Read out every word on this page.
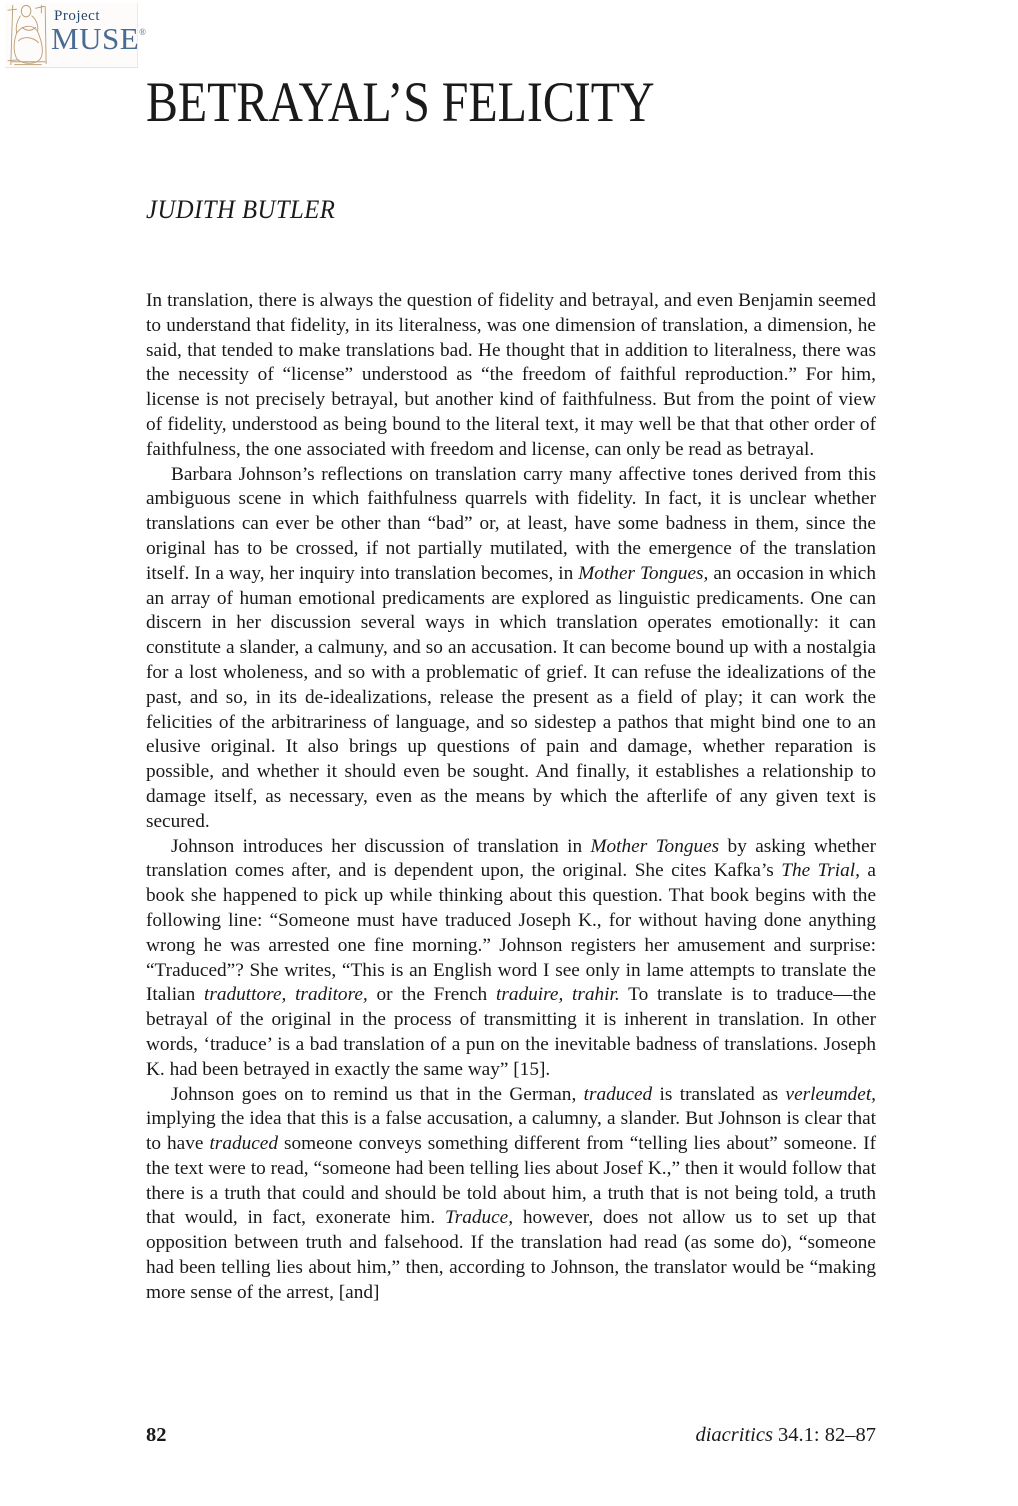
Project
MUSE®
BETRAYAL’S FELICITY
JUDITH BUTLER

In translation, there is always the question of fidelity and betrayal, and even Benjamin seemed to understand that fidelity, in its literalness, was one dimension of translation, a dimension, he said, that tended to make translations bad. He thought that in addition to literalness, there was the necessity of “license” understood as “the freedom of faithful reproduction.” For him, license is not precisely betrayal, but another kind of faithfulness. But from the point of view of fidelity, understood as being bound to the literal text, it may well be that that other order of faithfulness, the one associated with freedom and license, can only be read as betrayal.

Barbara Johnson’s reflections on translation carry many affective tones derived from this ambiguous scene in which faithfulness quarrels with fidelity. In fact, it is unclear whether translations can ever be other than “bad” or, at least, have some badness in them, since the original has to be crossed, if not partially mutilated, with the emergence of the translation itself. In a way, her inquiry into translation becomes, in Mother Tongues, an occasion in which an array of human emotional predicaments are explored as linguistic predicaments. One can discern in her discussion several ways in which translation operates emotionally: it can constitute a slander, a calmuny, and so an accusation. It can become bound up with a nostalgia for a lost wholeness, and so with a problematic of grief. It can refuse the idealizations of the past, and so, in its de-idealizations, release the present as a field of play; it can work the felicities of the arbitrariness of language, and so sidestep a pathos that might bind one to an elusive original. It also brings up questions of pain and damage, whether reparation is possible, and whether it should even be sought. And finally, it establishes a relationship to damage itself, as necessary, even as the means by which the afterlife of any given text is secured.

Johnson introduces her discussion of translation in Mother Tongues by asking whether translation comes after, and is dependent upon, the original. She cites Kafka’s The Trial, a book she happened to pick up while thinking about this question. That book begins with the following line: “Someone must have traduced Joseph K., for without having done anything wrong he was arrested one fine morning.” Johnson registers her amusement and surprise: “Traduced”? She writes, “This is an English word I see only in lame attempts to translate the Italian traduttore, traditore, or the French traduire, trahir. To translate is to traduce—the betrayal of the original in the process of transmitting it is inherent in translation. In other words, ‘traduce’ is a bad translation of a pun on the inevitable badness of translations. Joseph K. had been betrayed in exactly the same way” [15].

Johnson goes on to remind us that in the German, traduced is translated as verleumdet, implying the idea that this is a false accusation, a calumny, a slander. But Johnson is clear that to have traduced someone conveys something different from “telling lies about” someone. If the text were to read, “someone had been telling lies about Josef K.,” then it would follow that there is a truth that could and should be told about him, a truth that is not being told, a truth that would, in fact, exonerate him. Traduce, however, does not allow us to set up that opposition between truth and falsehood. If the translation had read (as some do), “someone had been telling lies about him,” then, according to Johnson, the translator would be “making more sense of the arrest, [and]

82	diacritics 34.1: 82–87
